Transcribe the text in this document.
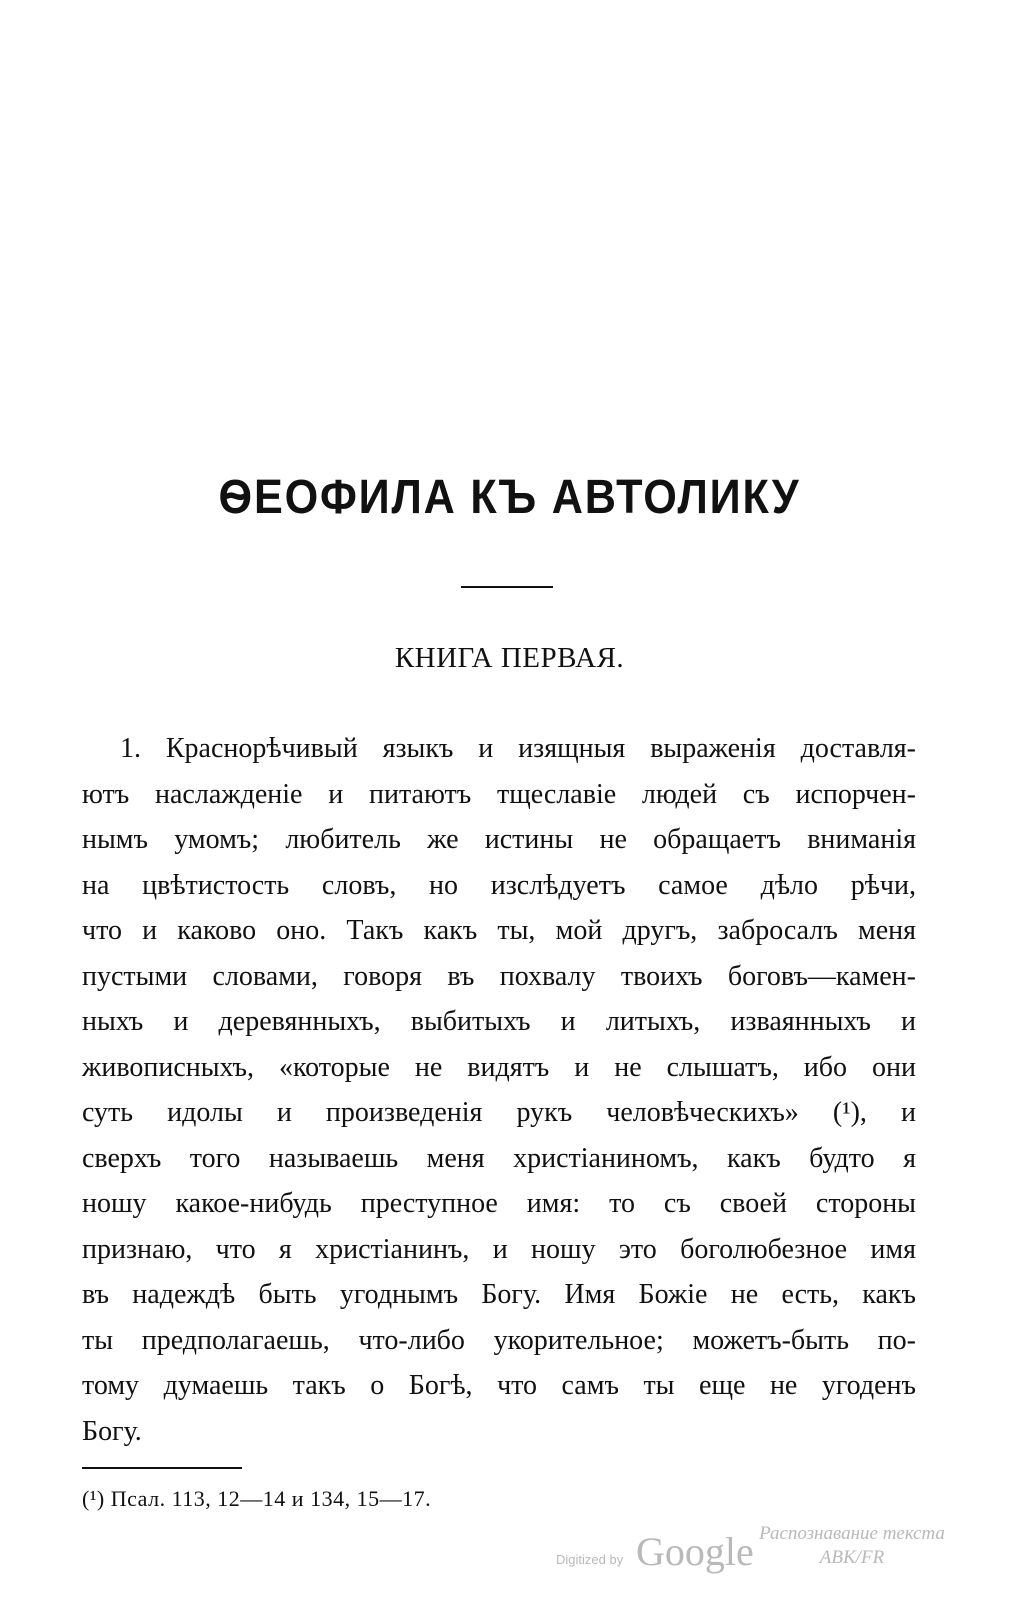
ѲЕОФИЛА КЪ АВТОЛИКУ
КНИГА ПЕРВАЯ.
1. Краснорѣчивый языкъ и изящныя выраженія доставля-
ютъ наслажденіе и питаютъ тщеславіе людей съ испорчен-
нымъ умомъ; любитель же истины не обращаетъ вниманія
на цвѣтистость словъ, но изслѣдуетъ самое дѣло рѣчи,
что и каково оно. Такъ какъ ты, мой другъ, забросалъ меня
пустыми словами, говоря въ похвалу твоихъ боговъ—камен-
ныхъ и деревянныхъ, выбитыхъ и литыхъ, изваянныхъ и
живописныхъ, «которые не видятъ и не слышатъ, ибо они
суть идолы и произведенія рукъ человѣческихъ» (¹), и
сверхъ того называешь меня христіаниномъ, какъ будто я
ношу какое-нибудь преступное имя: то съ своей стороны
признаю, что я христіанинъ, и ношу это боголюбезное имя
въ надеждѣ быть угоднымъ Богу. Имя Божіе не есть, какъ
ты предполагаешь, что-либо укорительное; можетъ-быть по-
тому думаешь такъ о Богѣ, что самъ ты еще не угоденъ
Богу.
(¹) Псал. 113, 12—14 и 134, 15—17.
Digitized by Google Распознавание текста
ABK/FR
